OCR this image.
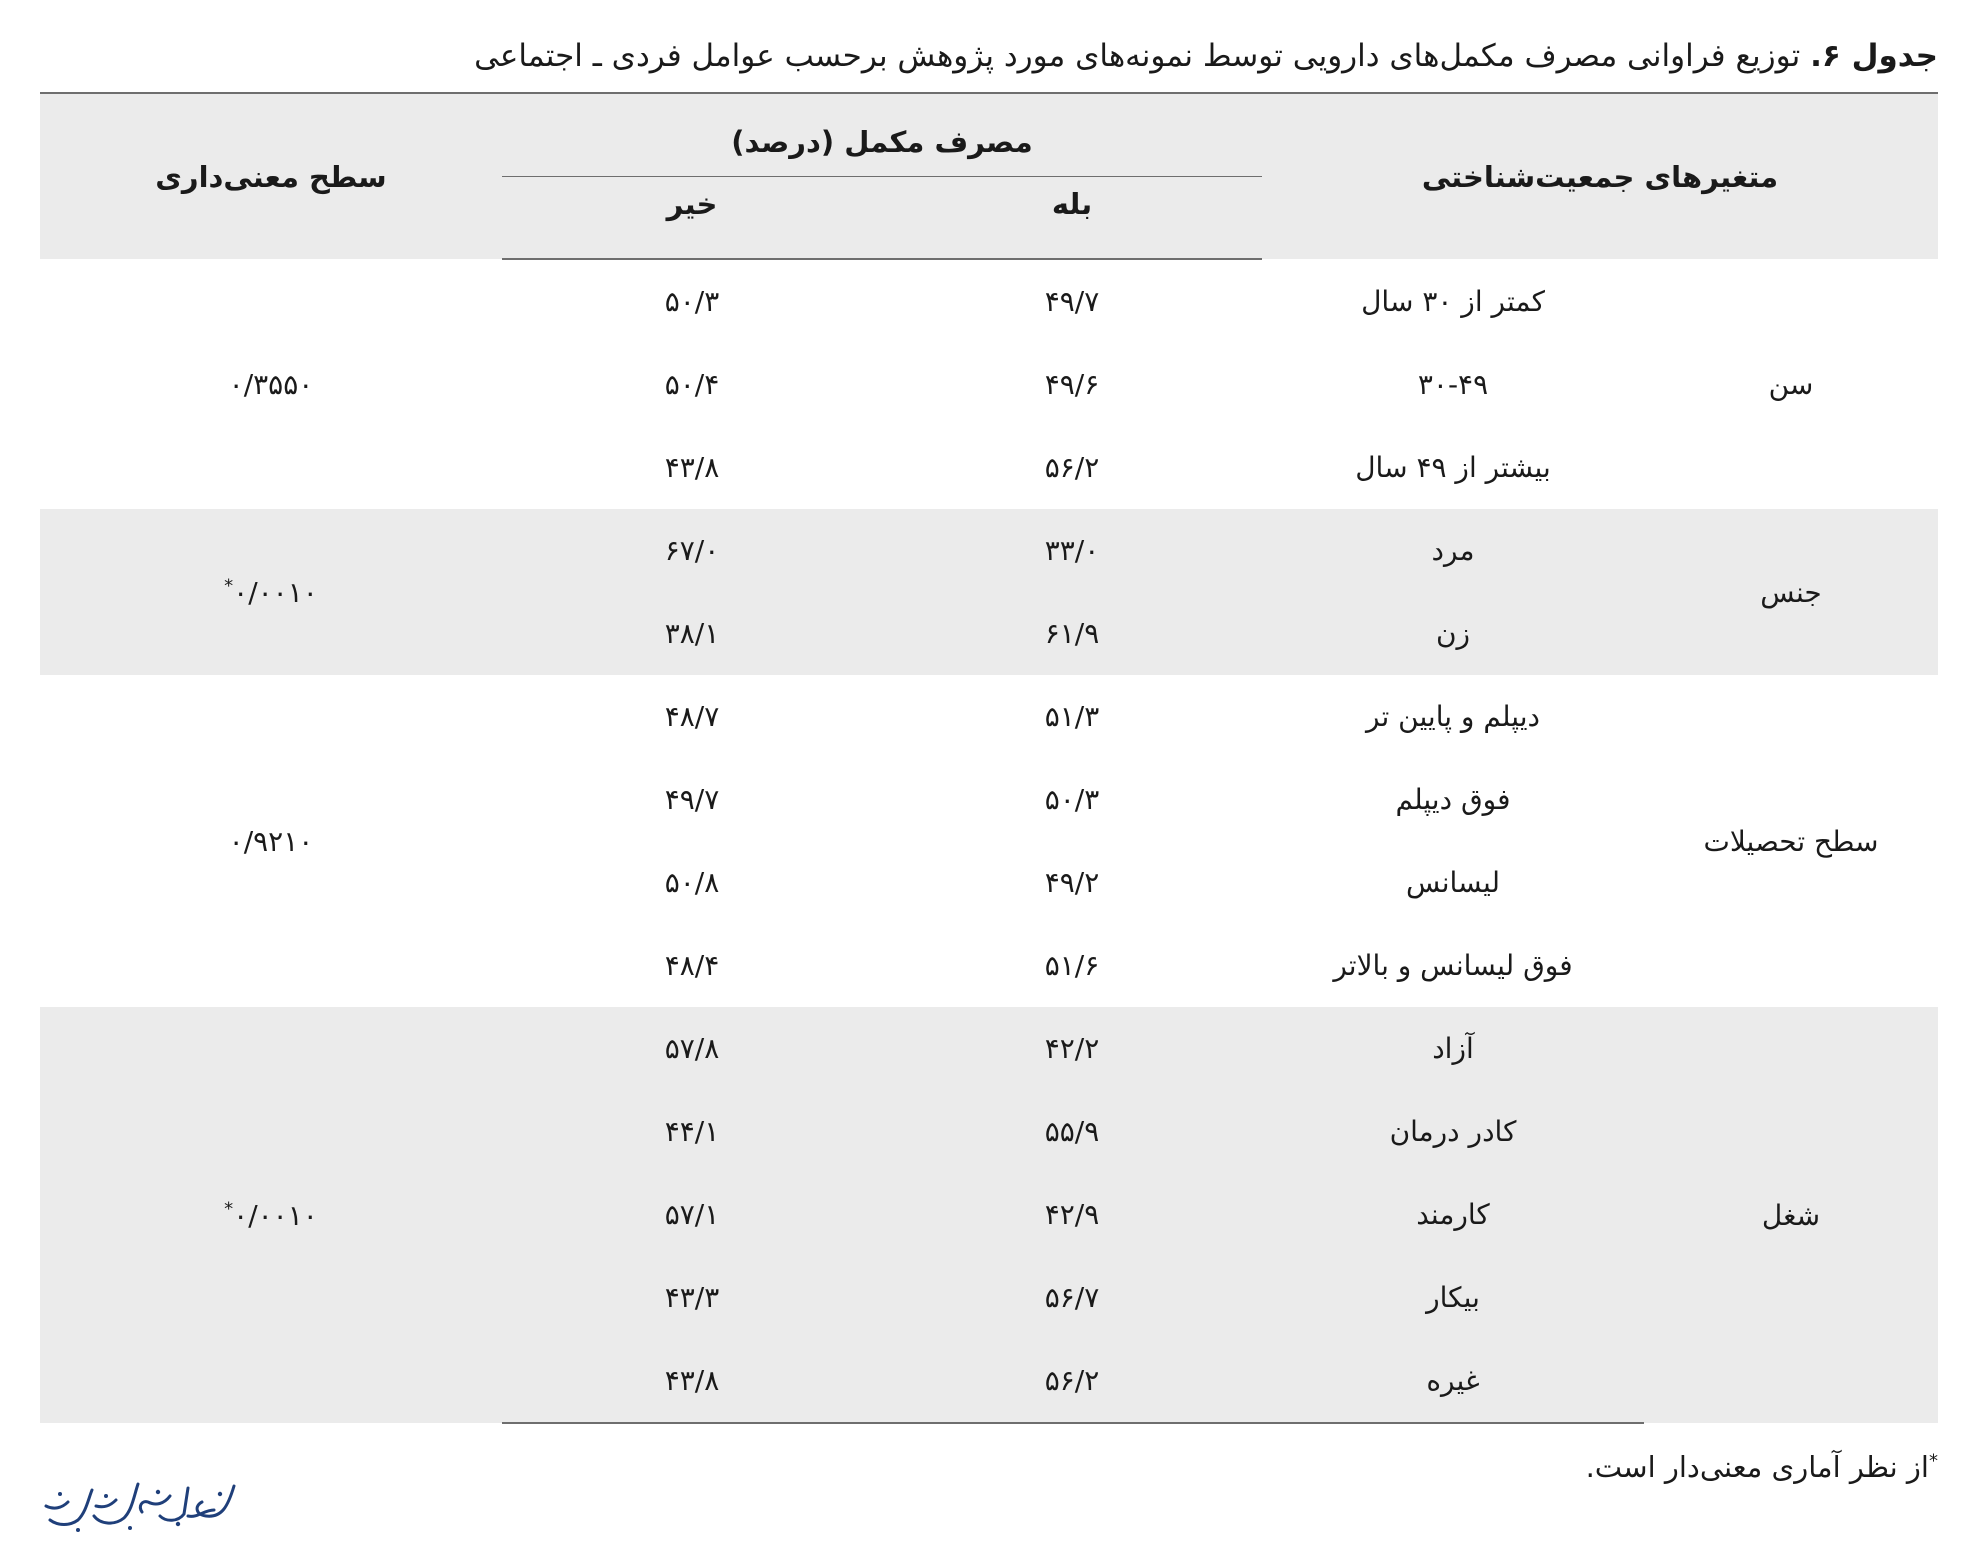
جدول ۶. توزیع فراوانی مصرف مکمل‌های دارویی توسط نمونه‌های مورد پژوهش برحسب عوامل فردی ـ اجتماعی
متغیرهای جمعیت‌شناختی		مصرف مکمل (درصد)		سطح معنی‌داری
		بله	خیر	
سن	کمتر از ۳۰ سال	۴۹/۷	۵۰/۳	۰/۳۵۵۰
	۳۰-۴۹	۴۹/۶	۵۰/۴	
	بیشتر از ۴۹ سال	۵۶/۲	۴۳/۸	
جنس	مرد	۳۳/۰	۶۷/۰	۰/۰۰۱۰*
	زن	۶۱/۹	۳۸/۱	
سطح تحصیلات	دیپلم و پایین تر	۵۱/۳	۴۸/۷	۰/۹۲۱۰
	فوق دیپلم	۵۰/۳	۴۹/۷	
	لیسانس	۴۹/۲	۵۰/۸	
	فوق لیسانس و بالاتر	۵۱/۶	۴۸/۴	
شغل	آزاد	۴۲/۲	۵۷/۸	۰/۰۰۱۰*
	کادر درمان	۵۵/۹	۴۴/۱	
	کارمند	۴۲/۹	۵۷/۱	
	بیکار	۵۶/۷	۴۳/۳	
	غیره	۵۶/۲	۴۳/۸	
*از نظر آماری معنی‌دار است.
